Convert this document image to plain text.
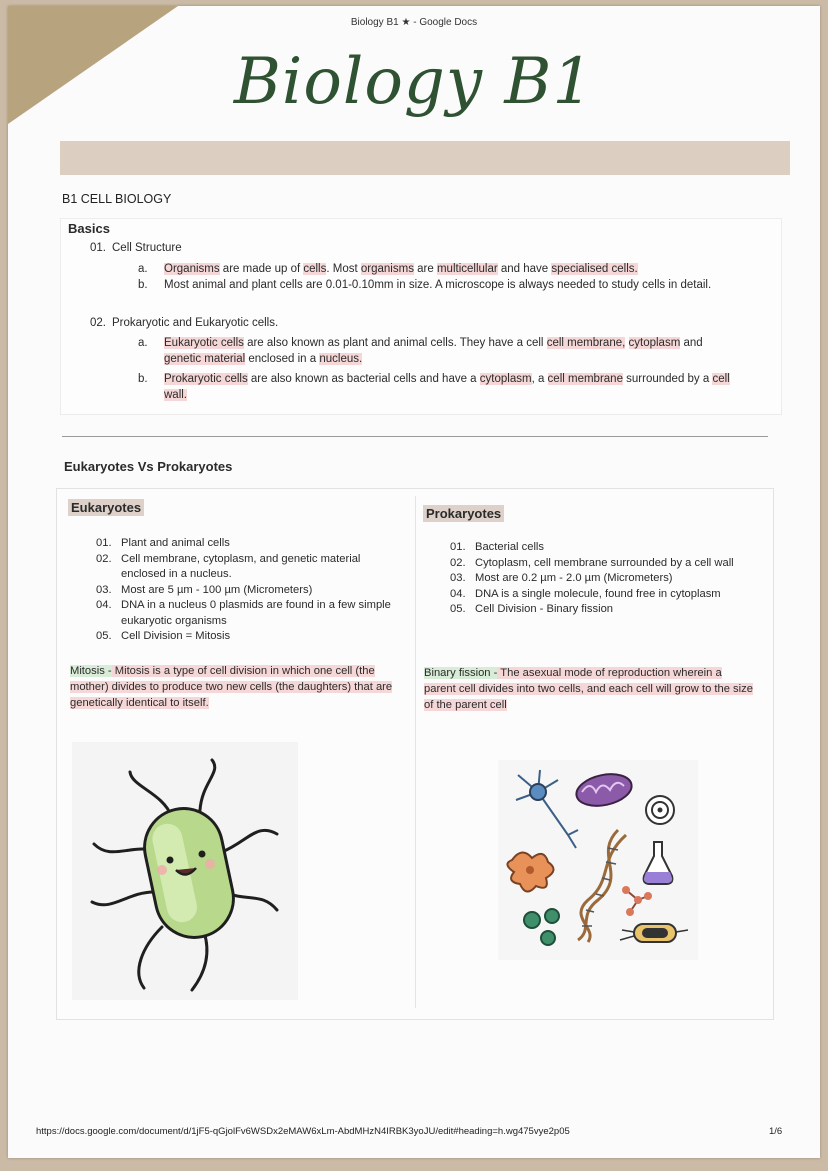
Biology B1 ★ - Google Docs
Biology B1
B1 CELL BIOLOGY
Basics
01. Cell Structure
a. Organisms are made up of cells. Most organisms are multicellular and have specialised cells.
b.	Most animal and plant cells are 0.01-0.10mm in size. A microscope is always needed to study cells in detail.
02. Prokaryotic and Eukaryotic cells.
a.	Eukaryotic cells are also known as plant and animal cells. They have a cell cell membrane, cytoplasm and genetic material enclosed in a nucleus.
b.	Prokaryotic cells are also known as bacterial cells and have a cytoplasm, a cell membrane surrounded by a cell wall.
Eukaryotes Vs Prokaryotes
Eukaryotes
01. Plant and animal cells
02. Cell membrane, cytoplasm, and genetic material enclosed in a nucleus.
03. Most are 5 µm - 100 µm (Micrometers)
04. DNA in a nucleus 0 plasmids are found in a few simple eukaryotic organisms
05. Cell Division = Mitosis
Mitosis - Mitosis is a type of cell division in which one cell (the mother) divides to produce two new cells (the daughters) that are genetically identical to itself.
Prokaryotes
01. Bacterial cells
02. Cytoplasm, cell membrane surrounded by a cell wall
03. Most are 0.2 µm - 2.0 µm (Micrometers)
04. DNA is a single molecule, found free in cytoplasm
05. Cell Division - Binary fission
Binary fission - The asexual mode of reproduction wherein a parent cell divides into two cells, and each cell will grow to the size of the parent cell
https://docs.google.com/document/d/1jF5-qGjolFv6WSDx2eMAW6xLm-AbdMHzN4IRBK3yoJU/edit#heading=h.wg475vye2p05	1/6
